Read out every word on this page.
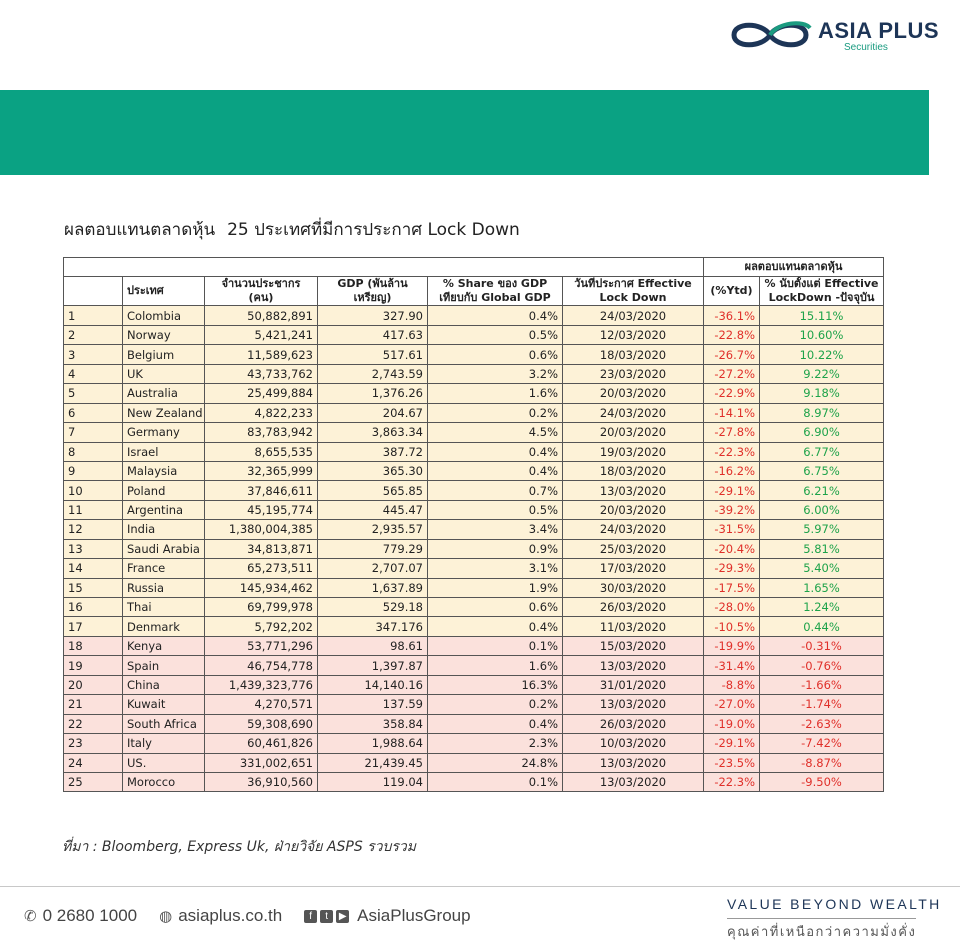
ASIA PLUS
Securities
ผลตอบแทนตลาดหุ้น 25 ประเทศที่มีการประกาศ Lock Down
						ผลตอบแทนตลาดหุ้น	
	ประเทศ	จำนวนประชากร (คน)	GDP (พันล้าน เหรียญ)	% Share ของ GDP เทียบกับ Global GDP	วันที่ประกาศ Effective Lock Down	(%Ytd)	% นับตั้งแต่ Effective LockDown -ปัจจุบัน
1	Colombia	50,882,891	327.90	0.4%	24/03/2020	-36.1%	15.11%
2	Norway	5,421,241	417.63	0.5%	12/03/2020	-22.8%	10.60%
3	Belgium	11,589,623	517.61	0.6%	18/03/2020	-26.7%	10.22%
4	UK	43,733,762	2,743.59	3.2%	23/03/2020	-27.2%	9.22%
5	Australia	25,499,884	1,376.26	1.6%	20/03/2020	-22.9%	9.18%
6	New Zealand	4,822,233	204.67	0.2%	24/03/2020	-14.1%	8.97%
7	Germany	83,783,942	3,863.34	4.5%	20/03/2020	-27.8%	6.90%
8	Israel	8,655,535	387.72	0.4%	19/03/2020	-22.3%	6.77%
9	Malaysia	32,365,999	365.30	0.4%	18/03/2020	-16.2%	6.75%
10	Poland	37,846,611	565.85	0.7%	13/03/2020	-29.1%	6.21%
11	Argentina	45,195,774	445.47	0.5%	20/03/2020	-39.2%	6.00%
12	India	1,380,004,385	2,935.57	3.4%	24/03/2020	-31.5%	5.97%
13	Saudi Arabia	34,813,871	779.29	0.9%	25/03/2020	-20.4%	5.81%
14	France	65,273,511	2,707.07	3.1%	17/03/2020	-29.3%	5.40%
15	Russia	145,934,462	1,637.89	1.9%	30/03/2020	-17.5%	1.65%
16	Thai	69,799,978	529.18	0.6%	26/03/2020	-28.0%	1.24%
17	Denmark	5,792,202	347.176	0.4%	11/03/2020	-10.5%	0.44%
18	Kenya	53,771,296	98.61	0.1%	15/03/2020	-19.9%	-0.31%
19	Spain	46,754,778	1,397.87	1.6%	13/03/2020	-31.4%	-0.76%
20	China	1,439,323,776	14,140.16	16.3%	31/01/2020	-8.8%	-1.66%
21	Kuwait	4,270,571	137.59	0.2%	13/03/2020	-27.0%	-1.74%
22	South Africa	59,308,690	358.84	0.4%	26/03/2020	-19.0%	-2.63%
23	Italy	60,461,826	1,988.64	2.3%	10/03/2020	-29.1%	-7.42%
24	US.	331,002,651	21,439.45	24.8%	13/03/2020	-23.5%	-8.87%
25	Morocco	36,910,560	119.04	0.1%	13/03/2020	-22.3%	-9.50%
ที่มา : Bloomberg, Express Uk, ฝ่ายวิจัย ASPS รวบรวม
✆ 0 2680 1000 ◍ asiaplus.co.th	f	t	▶ AsiaPlusGroup
VALUE BEYOND WEALTH
คุณค่าที่เหนือกว่าความมั่งคั่ง
